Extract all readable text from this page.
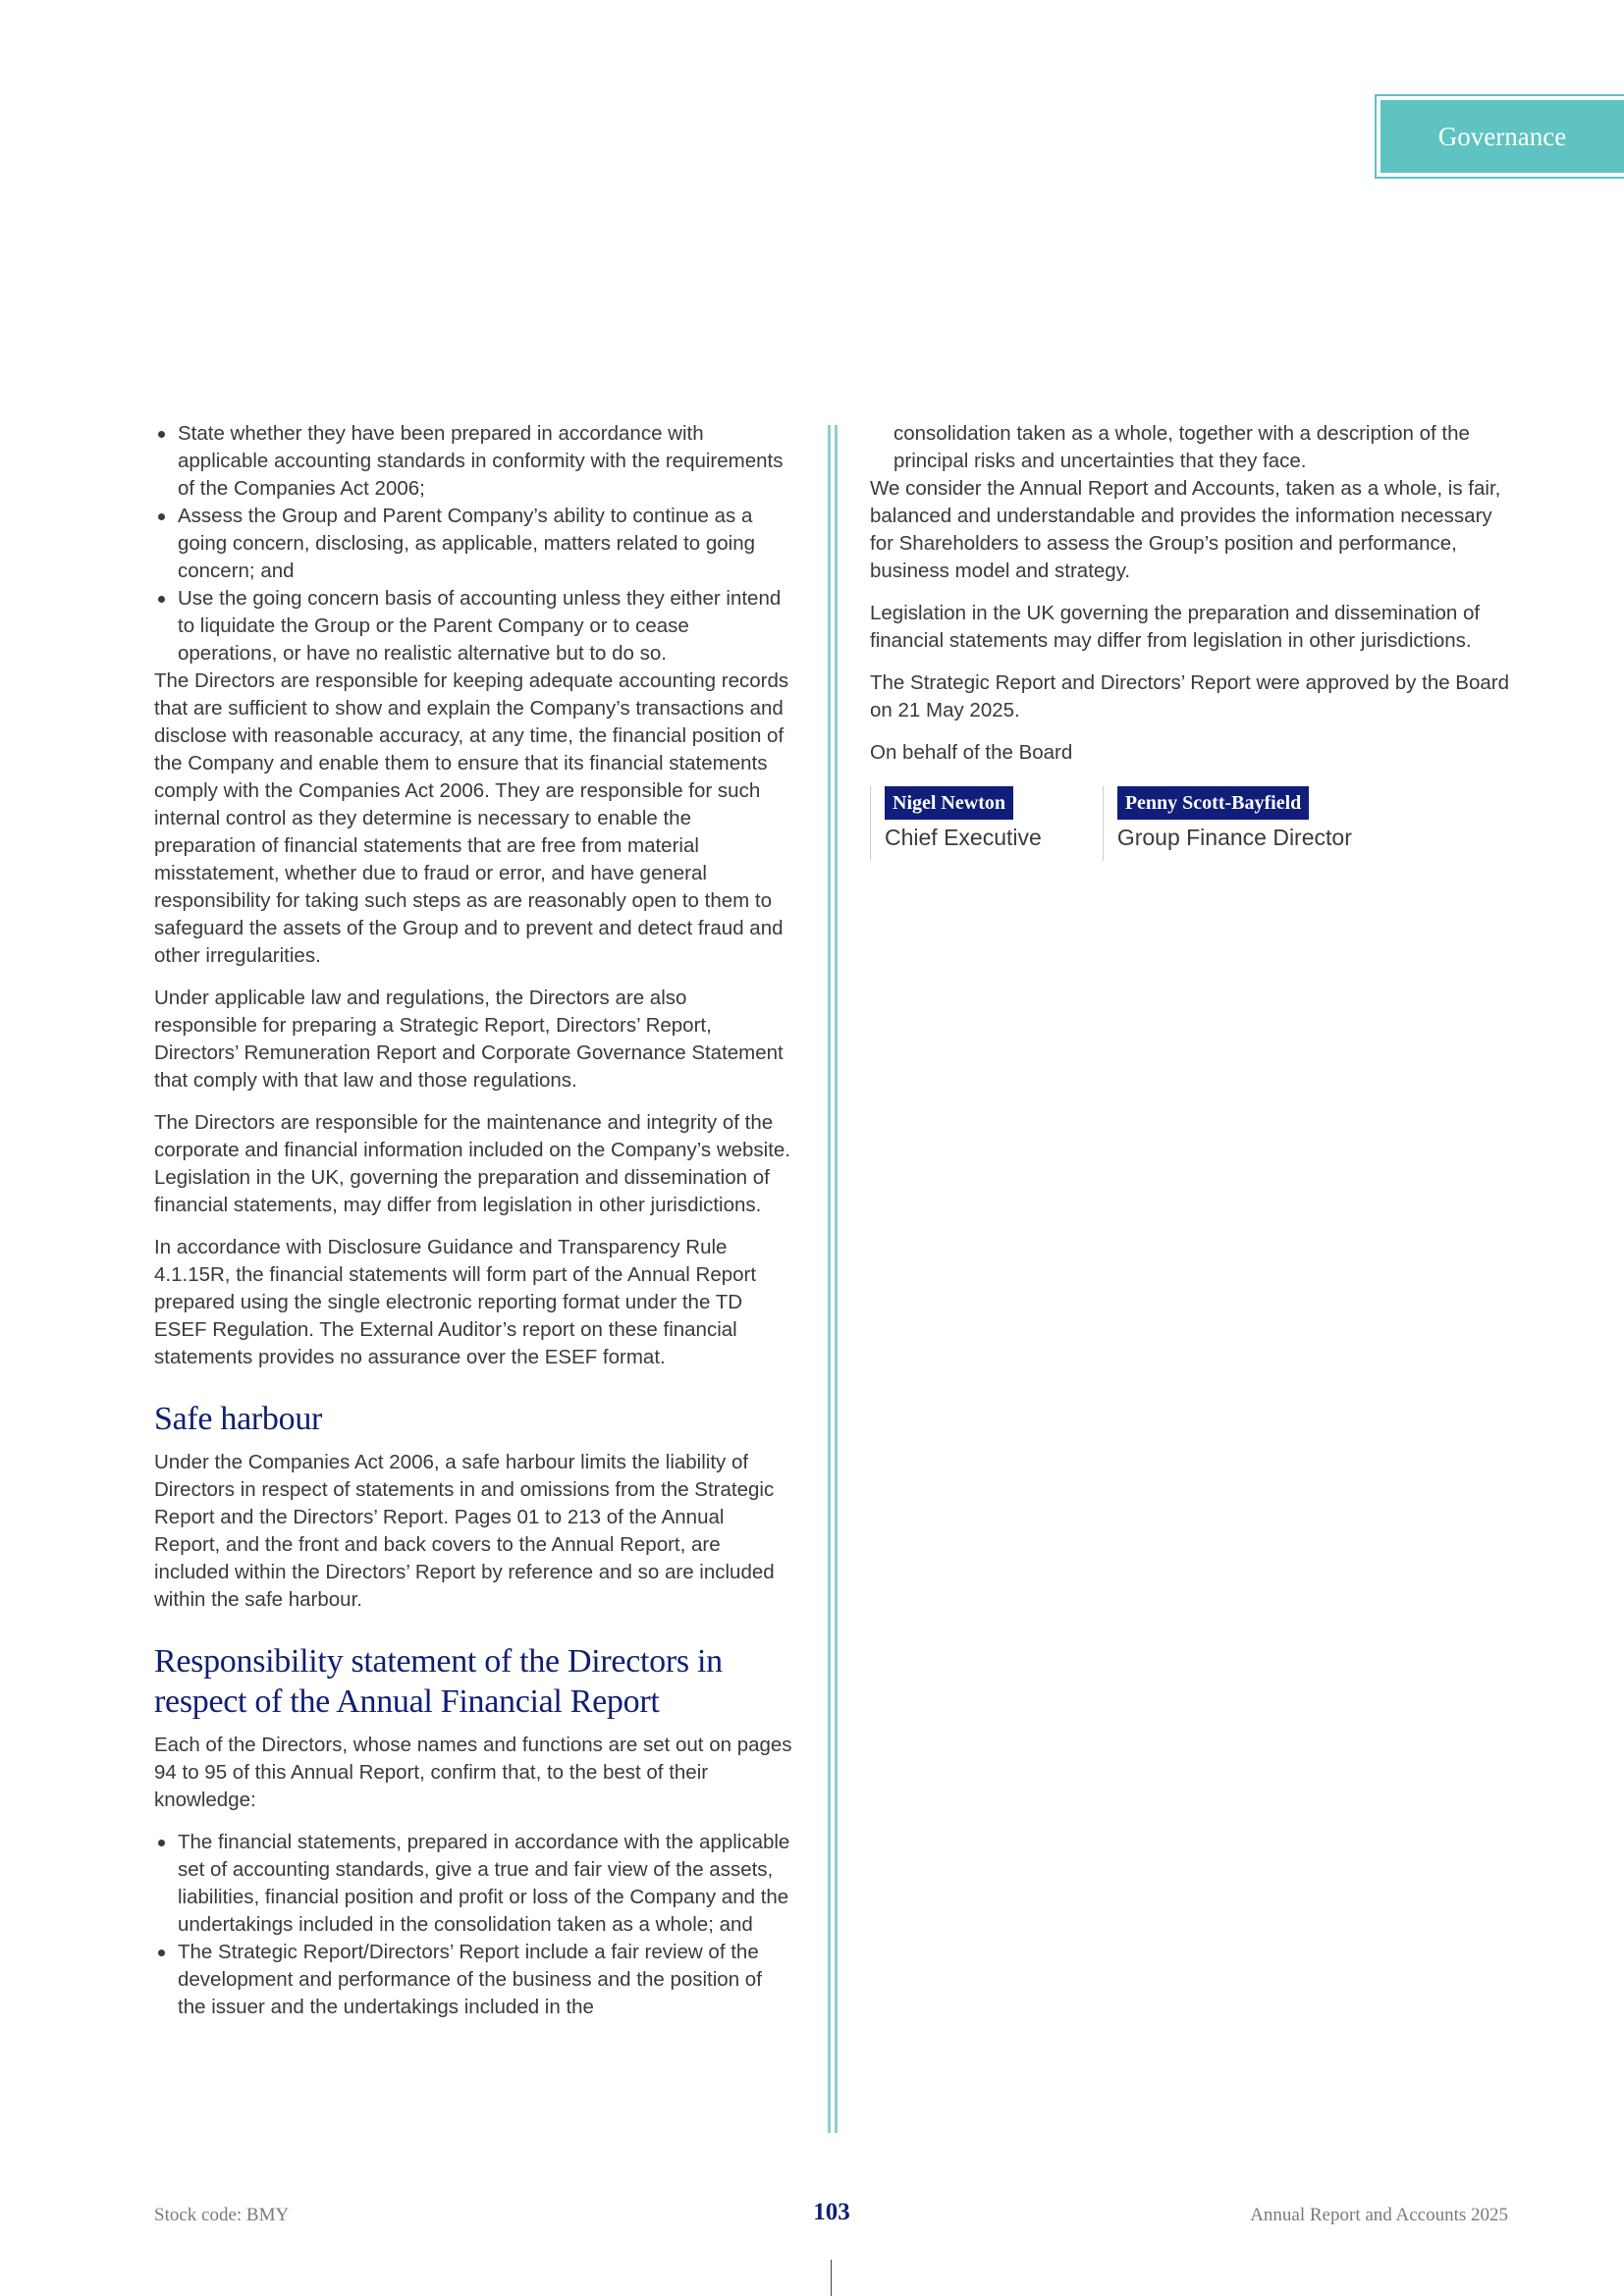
Governance
State whether they have been prepared in accordance with applicable accounting standards in conformity with the requirements of the Companies Act 2006;
Assess the Group and Parent Company’s ability to continue as a going concern, disclosing, as applicable, matters related to going concern; and
Use the going concern basis of accounting unless they either intend to liquidate the Group or the Parent Company or to cease operations, or have no realistic alternative but to do so.

The Directors are responsible for keeping adequate accounting records that are sufficient to show and explain the Company’s transactions and disclose with reasonable accuracy, at any time, the financial position of the Company and enable them to ensure that its financial statements comply with the Companies Act 2006. They are responsible for such internal control as they determine is necessary to enable the preparation of financial statements that are free from material misstatement, whether due to fraud or error, and have general responsibility for taking such steps as are reasonably open to them to safeguard the assets of the Group and to prevent and detect fraud and other irregularities.

Under applicable law and regulations, the Directors are also responsible for preparing a Strategic Report, Directors’ Report, Directors’ Remuneration Report and Corporate Governance Statement that comply with that law and those regulations.

The Directors are responsible for the maintenance and integrity of the corporate and financial information included on the Company’s website. Legislation in the UK, governing the preparation and dissemination of financial statements, may differ from legislation in other jurisdictions.

In accordance with Disclosure Guidance and Transparency Rule 4.1.15R, the financial statements will form part of the Annual Report prepared using the single electronic reporting format under the TD ESEF Regulation. The External Auditor’s report on these financial statements provides no assurance over the ESEF format.

Safe harbour

Under the Companies Act 2006, a safe harbour limits the liability of Directors in respect of statements in and omissions from the Strategic Report and the Directors’ Report. Pages 01 to 213 of the Annual Report, and the front and back covers to the Annual Report, are included within the Directors’ Report by reference and so are included within the safe harbour.

Responsibility statement of the Directors in respect of the Annual Financial Report

Each of the Directors, whose names and functions are set out on pages 94 to 95 of this Annual Report, confirm that, to the best of their knowledge:

The financial statements, prepared in accordance with the applicable set of accounting standards, give a true and fair view of the assets, liabilities, financial position and profit or loss of the Company and the undertakings included in the consolidation taken as a whole; and
The Strategic Report/Directors’ Report include a fair review of the development and performance of the business and the position of the issuer and the undertakings included in the

consolidation taken as a whole, together with a description of the principal risks and uncertainties that they face.

We consider the Annual Report and Accounts, taken as a whole, is fair, balanced and understandable and provides the information necessary for Shareholders to assess the Group’s position and performance, business model and strategy.

Legislation in the UK governing the preparation and dissemination of financial statements may differ from legislation in other jurisdictions.

The Strategic Report and Directors’ Report were approved by the Board on 21 May 2025.

On behalf of the Board

Nigel Newton
Chief Executive
Penny Scott-Bayfield
Group Finance Director
Stock code: BMY	103	Annual Report and Accounts 2025
